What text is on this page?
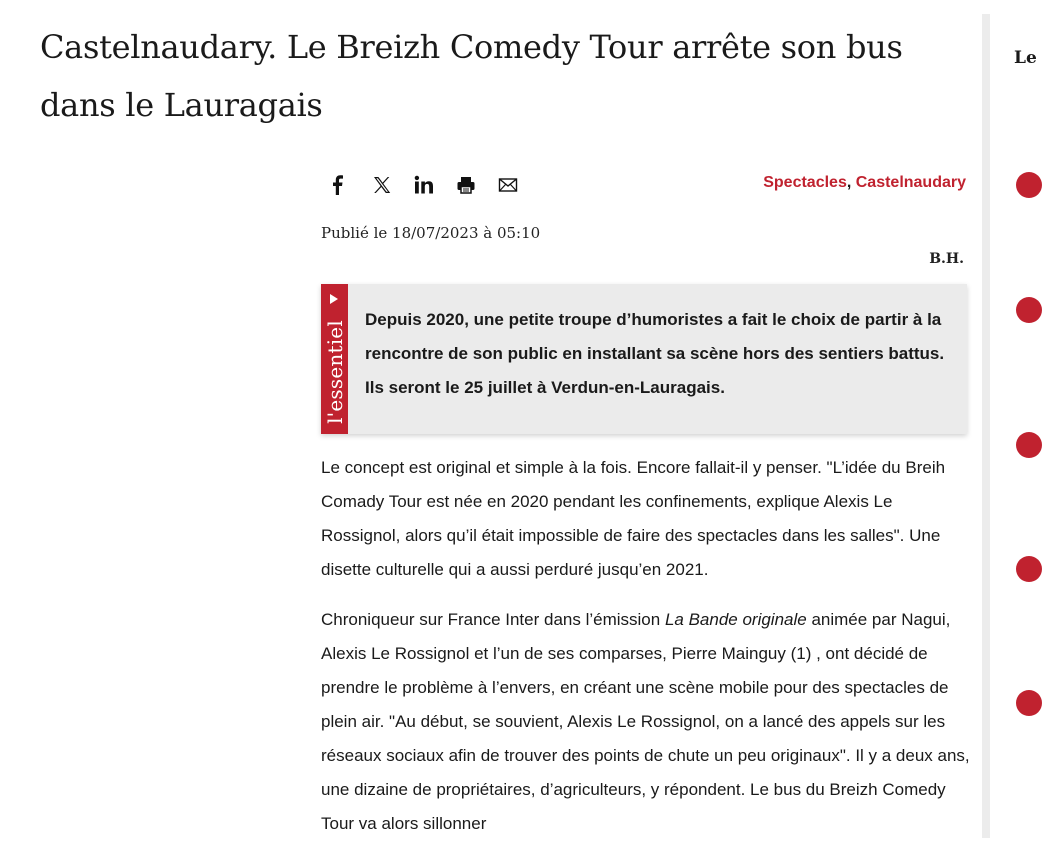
Castelnaudary. Le Breizh Comedy Tour arrête son bus dans le Lauragais
Spectacles, Castelnaudary
Publié le 18/07/2023 à 05:10
B.H.
l'essentiel

Depuis 2020, une petite troupe d’humoristes a fait le choix de partir à la rencontre de son public en installant sa scène hors des sentiers battus. Ils seront le 25 juillet à Verdun-en-Lauragais.

Le concept est original et simple à la fois. Encore fallait-il y penser. "L’idée du Breih Comady Tour est née en 2020 pendant les confinements, explique Alexis Le Rossignol, alors qu’il était impossible de faire des spectacles dans les salles". Une disette culturelle qui a aussi perduré jusqu’en 2021.

Chroniqueur sur France Inter dans l’émission La Bande originale animée par Nagui, Alexis Le Rossignol et l’un de ses comparses, Pierre Mainguy (1) , ont décidé de prendre le problème à l’envers, en créant une scène mobile pour des spectacles de plein air. "Au début, se souvient, Alexis Le Rossignol, on a lancé des appels sur les réseaux sociaux afin de trouver des points de chute un peu originaux". Il y a deux ans, une dizaine de propriétaires, d’agriculteurs, y répondent. Le bus du Breizh Comedy Tour va alors sillonner

Le
